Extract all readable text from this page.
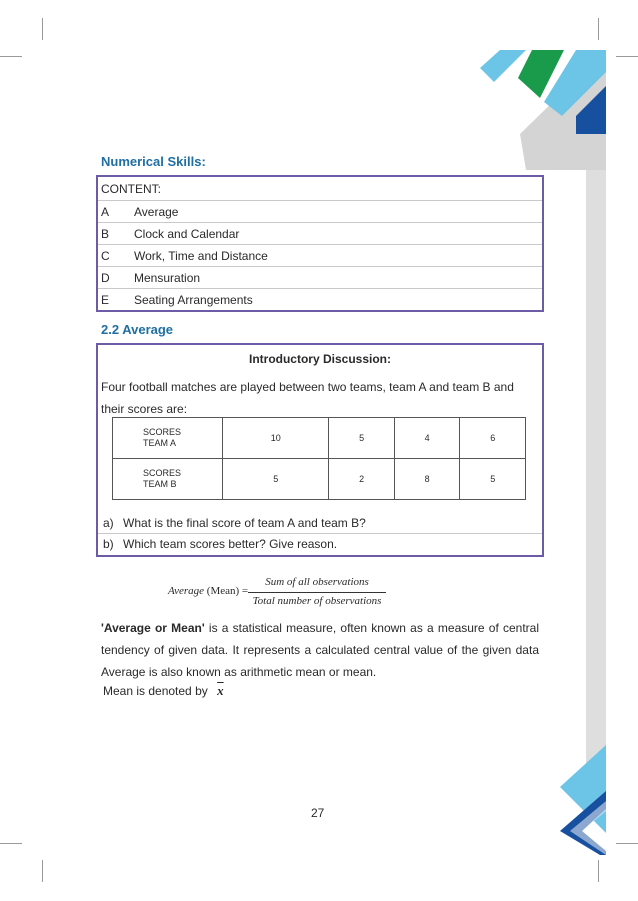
Numerical Skills:
CONTENT:
A Average
B Clock and Calendar
C Work, Time and Distance
D Mensuration
E Seating Arrangements
2.2 Average
Introductory Discussion:
Four football matches are played between two teams, team A and team B and their scores are:
SCORES
TEAM A	10	5	4	6
SCORES
TEAM B	5	2	8	5
a) What is the final score of team A and team B?
b) Which team scores better? Give reason.
Average (Mean) =
Sum of all observations
Total number of observations
'Average or Mean' is a statistical measure, often known as a measure of central tendency of given data. It represents a calculated central value of the given data Average is also known as arithmetic mean or mean.
Mean is denoted by $\overline{x}$
27
